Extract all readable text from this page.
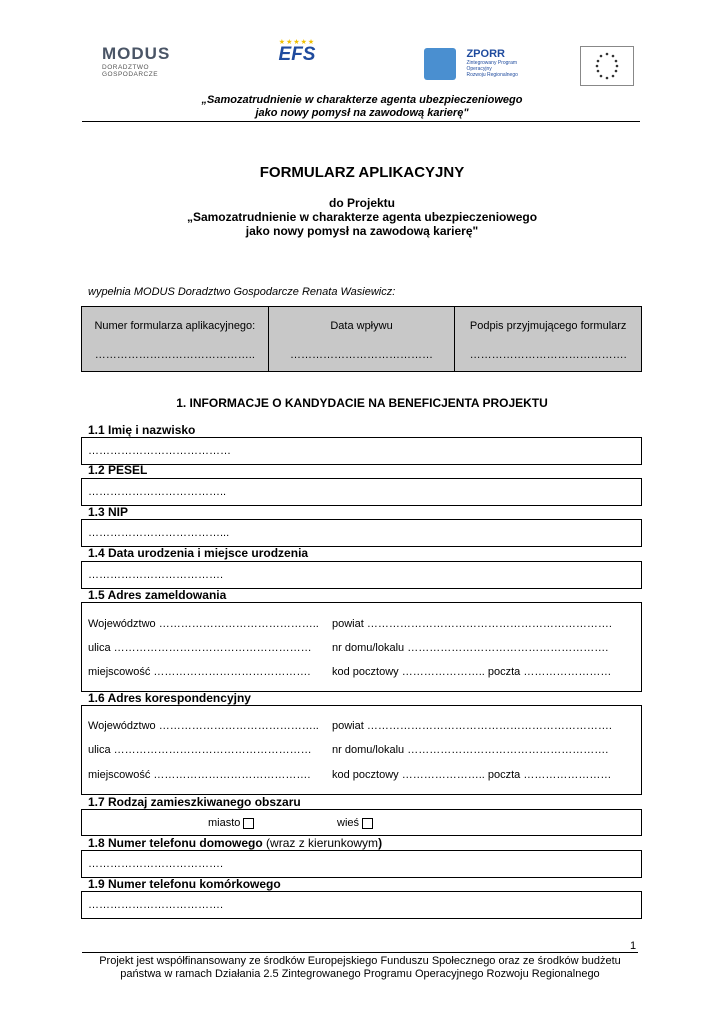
MODUS
DORADZTWO
GOSPODARCZE
★★★★★
EFS
	ZPORR
Zintegrowany Program
Operacyjny
Rozwoju Regionalnego
„Samozatrudnienie w charakterze agenta ubezpieczeniowego
jako nowy pomysł na zawodową karierę"
FORMULARZ APLIKACYJNY
do Projektu
„Samozatrudnienie w charakterze agenta ubezpieczeniowego
jako nowy pomysł na zawodową karierę"
wypełnia MODUS Doradztwo Gospodarcze Renata Wasiewicz:
Numer formularza aplikacyjnego:
……………………………………..
Data wpływu
…………………………………
Podpis przyjmującego formularz
…………………………………….
1. INFORMACJE O KANDYDACIE NA BENEFICJENTA PROJEKTU
1.1 Imię i nazwisko
…………………………………
1.2 PESEL
………………………………..
1.3 NIP
………………………………...
1.4 Data urodzenia i miejsce urodzenia
……………………………….
1.5 Adres zameldowania
Województwo …………………………………….. powiat ………………………………………………………….
ulica ……………………………………………… nr domu/lokalu ……………………………………………….
miejscowość ……………………………………. kod pocztowy ………………….. poczta ……………………
1.6 Adres korespondencyjny
Województwo …………………………………….. powiat ………………………………………………………….
ulica ……………………………………………… nr domu/lokalu ……………………………………………….
miejscowość ……………………………………. kod pocztowy ………………….. poczta ……………………
1.7 Rodzaj zamieszkiwanego obszaru
miasto	wieś
1.8 Numer telefonu domowego (wraz z kierunkowym)
……………………………….
1.9 Numer telefonu komórkowego
……………………………….
1
Projekt jest współfinansowany ze środków Europejskiego Funduszu Społecznego oraz ze środków budżetu
państwa w ramach Działania 2.5 Zintegrowanego Programu Operacyjnego Rozwoju Regionalnego
